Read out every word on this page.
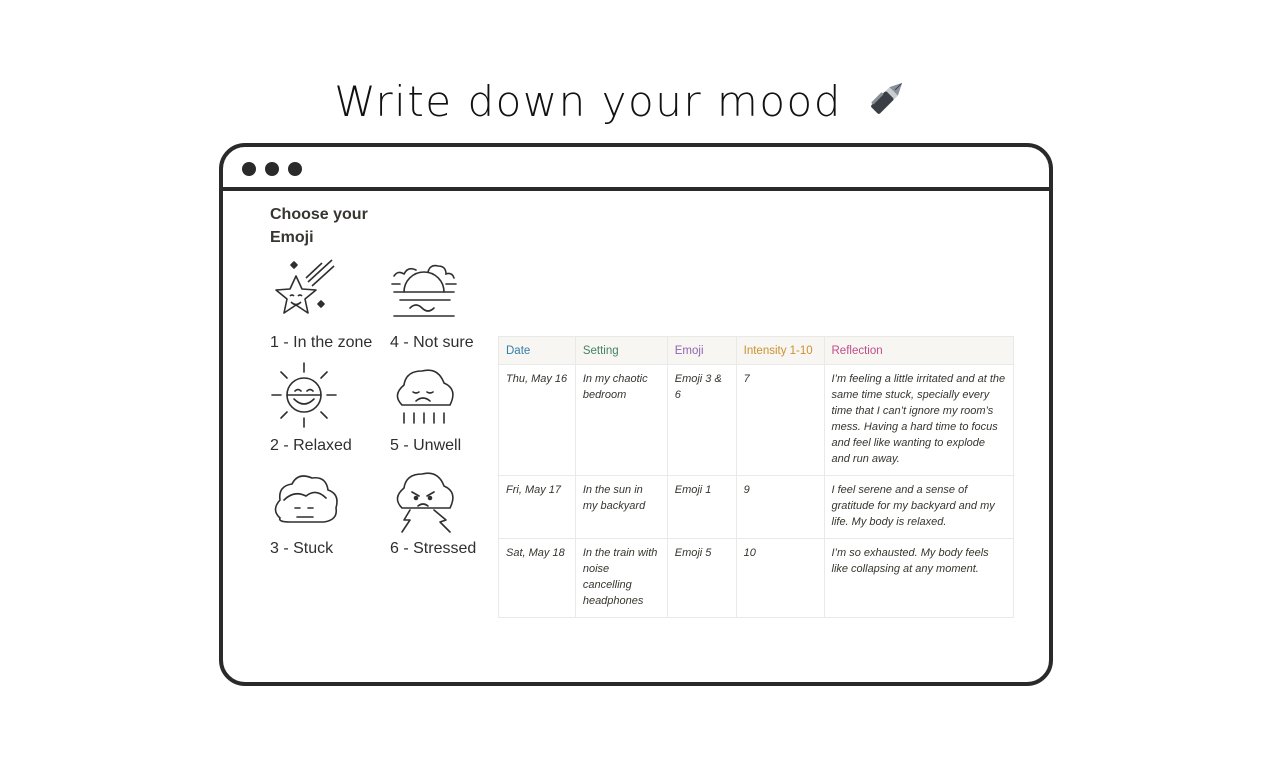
Write down your mood
Choose your Emoji
1 - In the zone
2 - Relaxed
3 - Stuck
4 - Not sure
5 - Unwell
6 - Stressed
Date	Setting	Emoji	Intensity 1-10	Reflection
Thu, May 16	In my chaotic bedroom	Emoji 3 & 6	7	I’m feeling a little irritated and at the same time stuck, specially every time that I can’t ignore my room’s mess. Having a hard time to focus and feel like wanting to explode and run away.
Fri, May 17	In the sun in my backyard	Emoji 1	9	I feel serene and a sense of gratitude for my backyard and my life. My body is relaxed.
Sat, May 18	In the train with noise cancelling headphones	Emoji 5	10	I’m so exhausted. My body feels like collapsing at any moment.
